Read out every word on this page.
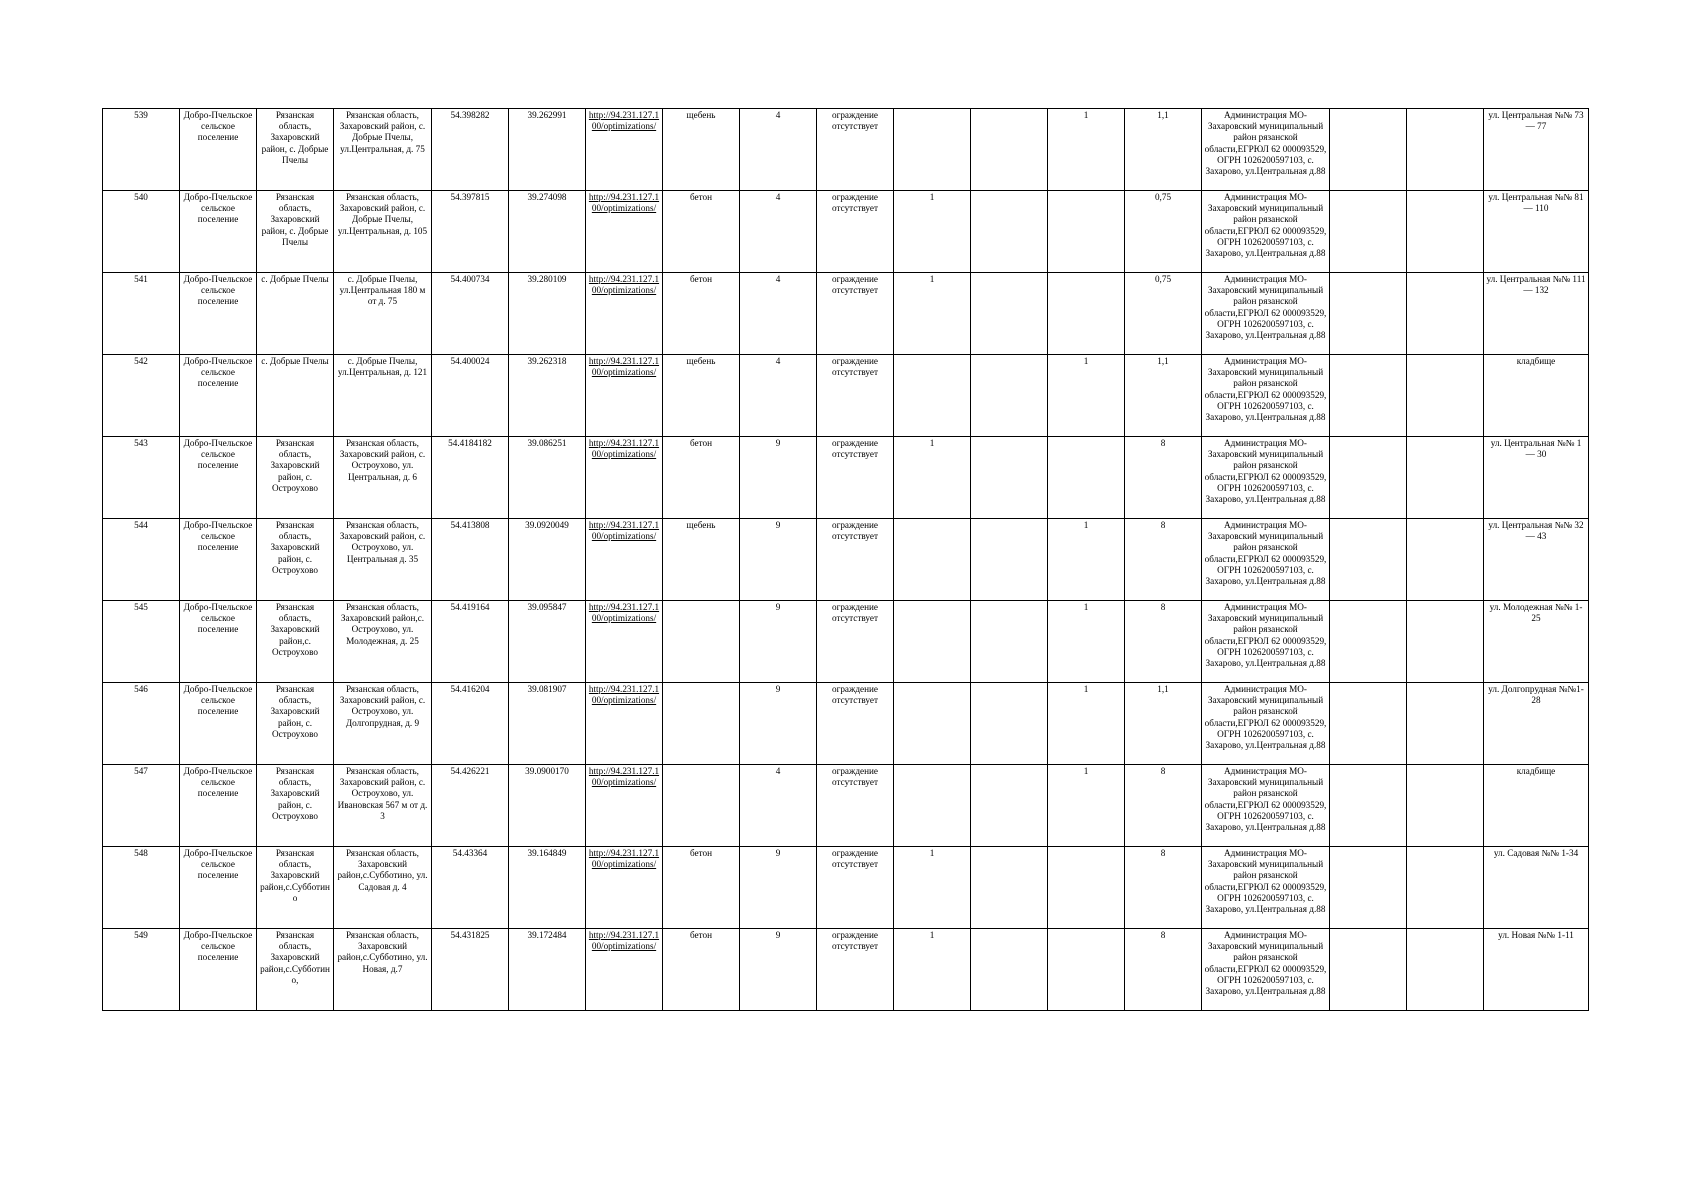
539	Добро-Пчельское сельское поселение	Рязанская область, Захаровский район, с. Добрые Пчелы	Рязанская область, Захаровский район, с. Добрые Пчелы, ул.Центральная, д. 75	54.398282	39.262991	http://94.231.127.100/optimizations/	щебень	4	ограждение отсутствует			1	1,1	Администрация МО- Захаровский муниципальный район рязанской области,ЕГРЮЛ 62 000093529, ОГРН 1026200597103, с. Захарово, ул.Центральная д.88			ул. Центральная №№ 73 — 77
540	Добро-Пчельское сельское поселение	Рязанская область, Захаровский район, с. Добрые Пчелы	Рязанская область, Захаровский район, с. Добрые Пчелы, ул.Центральная, д. 105	54.397815	39.274098	http://94.231.127.100/optimizations/	бетон	4	ограждение отсутствует	1			0,75	Администрация МО- Захаровский муниципальный район рязанской области,ЕГРЮЛ 62 000093529, ОГРН 1026200597103, с. Захарово, ул.Центральная д.88			ул. Центральная №№ 81 — 110
541	Добро-Пчельское сельское поселение	с. Добрые Пчелы	с. Добрые Пчелы, ул.Центральная 180 м от д. 75	54.400734	39.280109	http://94.231.127.100/optimizations/	бетон	4	ограждение отсутствует	1			0,75	Администрация МО- Захаровский муниципальный район рязанской области,ЕГРЮЛ 62 000093529, ОГРН 1026200597103, с. Захарово, ул.Центральная д.88			ул. Центральная №№ 111 — 132
542	Добро-Пчельское сельское поселение	с. Добрые Пчелы	с. Добрые Пчелы, ул.Центральная, д. 121	54.400024	39.262318	http://94.231.127.100/optimizations/	щебень	4	ограждение отсутствует			1	1,1	Администрация МО- Захаровский муниципальный район рязанской области,ЕГРЮЛ 62 000093529, ОГРН 1026200597103, с. Захарово, ул.Центральная д.88			кладбище
543	Добро-Пчельское сельское поселение	Рязанская область, Захаровский район, с. Остроухово	Рязанская область, Захаровский район, с. Остроухово, ул. Центральная, д. 6	54.4184182	39.086251	http://94.231.127.100/optimizations/	бетон	9	ограждение отсутствует	1			8	Администрация МО- Захаровский муниципальный район рязанской области,ЕГРЮЛ 62 000093529, ОГРН 1026200597103, с. Захарово, ул.Центральная д.88			ул. Центральная №№ 1 — 30
544	Добро-Пчельское сельское поселение	Рязанская область, Захаровский район, с. Остроухово	Рязанская область, Захаровский район, с. Остроухово, ул. Центральная д. 35	54.413808	39.0920049	http://94.231.127.100/optimizations/	щебень	9	ограждение отсутствует			1	8	Администрация МО- Захаровский муниципальный район рязанской области,ЕГРЮЛ 62 000093529, ОГРН 1026200597103, с. Захарово, ул.Центральная д.88			ул. Центральная №№ 32 — 43
545	Добро-Пчельское сельское поселение	Рязанская область, Захаровский район,с. Остроухово	Рязанская область, Захаровский район,с. Остроухово, ул. Молодежная, д. 25	54.419164	39.095847	http://94.231.127.100/optimizations/		9	ограждение отсутствует			1	8	Администрация МО- Захаровский муниципальный район рязанской области,ЕГРЮЛ 62 000093529, ОГРН 1026200597103, с. Захарово, ул.Центральная д.88			ул. Молодежная №№ 1-25
546	Добро-Пчельское сельское поселение	Рязанская область, Захаровский район, с. Остроухово	Рязанская область, Захаровский район, с. Остроухово, ул. Долгопрудная, д. 9	54.416204	39.081907	http://94.231.127.100/optimizations/		9	ограждение отсутствует			1	1,1	Администрация МО- Захаровский муниципальный район рязанской области,ЕГРЮЛ 62 000093529, ОГРН 1026200597103, с. Захарово, ул.Центральная д.88			ул. Долгопрудная №№1-28
547	Добро-Пчельское сельское поселение	Рязанская область, Захаровский район, с. Остроухово	Рязанская область, Захаровский район, с. Остроухово, ул. Ивановская 567 м от д. 3	54.426221	39.0900170	http://94.231.127.100/optimizations/		4	ограждение отсутствует			1	8	Администрация МО- Захаровский муниципальный район рязанской области,ЕГРЮЛ 62 000093529, ОГРН 1026200597103, с. Захарово, ул.Центральная д.88			кладбище
548	Добро-Пчельское сельское поселение	Рязанская область, Захаровский район,с.Субботино	Рязанская область, Захаровский район,с.Субботино, ул. Садовая д. 4	54.43364	39.164849	http://94.231.127.100/optimizations/	бетон	9	ограждение отсутствует	1			8	Администрация МО- Захаровский муниципальный район рязанской области,ЕГРЮЛ 62 000093529, ОГРН 1026200597103, с. Захарово, ул.Центральная д.88			ул. Садовая №№ 1-34
549	Добро-Пчельское сельское поселение	Рязанская область, Захаровский район,с.Субботино,	Рязанская область, Захаровский район,с.Субботино, ул. Новая, д.7	54.431825	39.172484	http://94.231.127.100/optimizations/	бетон	9	ограждение отсутствует	1			8	Администрация МО- Захаровский муниципальный район рязанской области,ЕГРЮЛ 62 000093529, ОГРН 1026200597103, с. Захарово, ул.Центральная д.88			ул. Новая №№ 1-11
